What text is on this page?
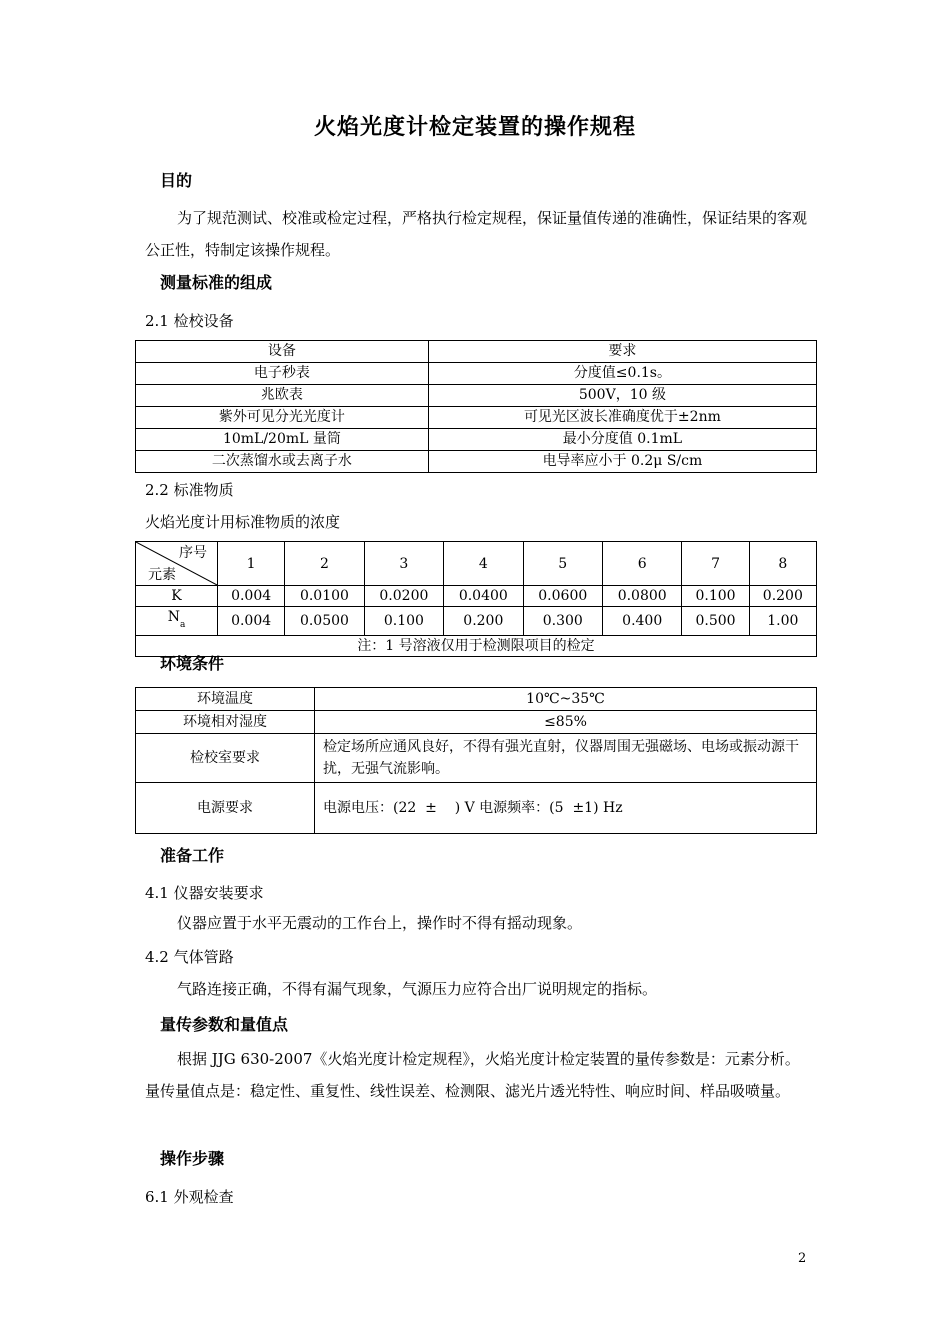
火焰光度计检定装置的操作规程
目的
为了规范测试、校准或检定过程，严格执行检定规程，保证量值传递的准确性，保证结果的客观公正性，特制定该操作规程。
测量标准的组成
2.1 检校设备
设备	要求
电子秒表	分度值≤0.1s。
兆欧表	500V，10 级
紫外可见分光光度计	可见光区波长准确度优于±2nm
10mL/20mL 量筒	最小分度值 0.1mL
二次蒸馏水或去离子水	电导率应小于 0.2μ S/cm
2.2 标准物质
火焰光度计用标准物质的浓度
序号
元素	1	2	3	4	5	6	7	8
K	0.004	0.0100	0.0200	0.0400	0.0600	0.0800	0.100	0.200
$N_a$	0.004	0.0500	0.100	0.200	0.300	0.400	0.500	1.00
注：1 号溶液仅用于检测限项目的检定								
环境条件
环境温度	10℃~35℃
环境相对湿度	≤85%
检校室要求	检定场所应通风良好，不得有强光直射，仪器周围无强磁场、电场或振动源干扰，无强气流影响。
电源要求	电源电压：(22  ±    ) V 电源频率：(5  ±1) Hz
准备工作
4.1 仪器安装要求
仪器应置于水平无震动的工作台上，操作时不得有摇动现象。
4.2 气体管路
气路连接正确，不得有漏气现象，气源压力应符合出厂说明规定的指标。
量传参数和量值点
根据 JJG 630-2007《火焰光度计检定规程》，火焰光度计检定装置的量传参数是：元素分析。量传量值点是：稳定性、重复性、线性误差、检测限、滤光片透光特性、响应时间、样品吸喷量。
操作步骤
6.1 外观检查
2
